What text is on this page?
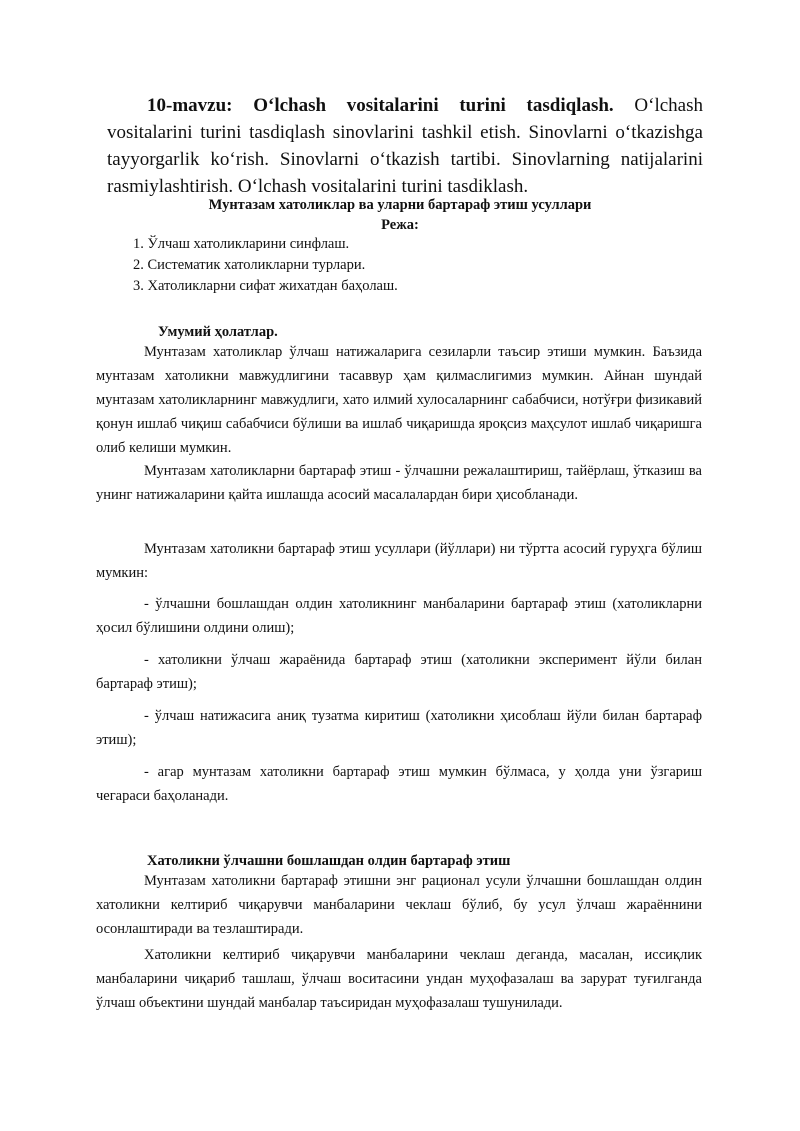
10-mavzu: O‘lchash vositalarini turini tasdiqlash. O‘lchash vositalarini turini tasdiqlash sinovlarini tashkil etish. Sinovlarni o‘tkazishga tayyorgarlik ko‘rish. Sinovlarni o‘tkazish tartibi. Sinovlarning natijalarini rasmiylashtirish. O‘lchash vositalarini turini tasdiklash.
Мунтазам хатоликлар ва уларни бартараф этиш усуллари
Режа:
1. Ўлчаш хатоликларини синфлаш.
2. Систематик хатоликларни турлари.
3. Хатоликларни сифат жихатдан баҳолаш.
Умумий ҳолатлар.

Мунтазам хатоликлар ўлчаш натижаларига сезиларли таъсир этиши мумкин. Баъзида мунтазам хатоликни мавжудлигини тасаввур ҳам қилмаслигимиз мумкин. Айнан шундай мунтазам хатоликларнинг мавжудлиги, хато илмий хулосаларнинг сабабчиси, нотўғри физикавий қонун ишлаб чиқиш сабабчиси бўлиши ва ишлаб чиқаришда яроқсиз маҳсулот ишлаб чиқаришга олиб келиши мумкин.

Мунтазам хатоликларни бартараф этиш - ўлчашни режалаштириш, тайёрлаш, ўтказиш ва унинг натижаларини қайта ишлашда асосий масалалардан бири ҳисобланади.

Мунтазам хатоликни бартараф этиш усуллари (йўллари) ни тўртта асосий гуруҳга бўлиш мумкин:

- ўлчашни бошлашдан олдин хатоликнинг манбаларини бартараф этиш (хатоликларни ҳосил бўлишини олдини олиш);

- хатоликни ўлчаш жараёнида бартараф этиш (хатоликни эксперимент йўли билан бартараф этиш);

- ўлчаш натижасига аниқ тузатма киритиш (хатоликни ҳисоблаш йўли билан бартараф этиш);

- агар мунтазам хатоликни бартараф этиш мумкин бўлмаса, у ҳолда уни ўзгариш чегараси баҳоланади.

Хатоликни ўлчашни бошлашдан олдин бартараф этиш

Мунтазам хатоликни бартараф этишни энг рационал усули ўлчашни бошлашдан олдин хатоликни келтириб чиқарувчи манбаларини чеклаш бўлиб, бу усул ўлчаш жараённини осонлаштиради ва тезлаштиради.

Хатоликни келтириб чиқарувчи манбаларини чеклаш деганда, масалан, иссиқлик манбаларини чиқариб ташлаш, ўлчаш воситасини ундан муҳофазалаш ва зарурат туғилганда ўлчаш объектини шундай манбалар таъсиридан муҳофазалаш тушунилади.
